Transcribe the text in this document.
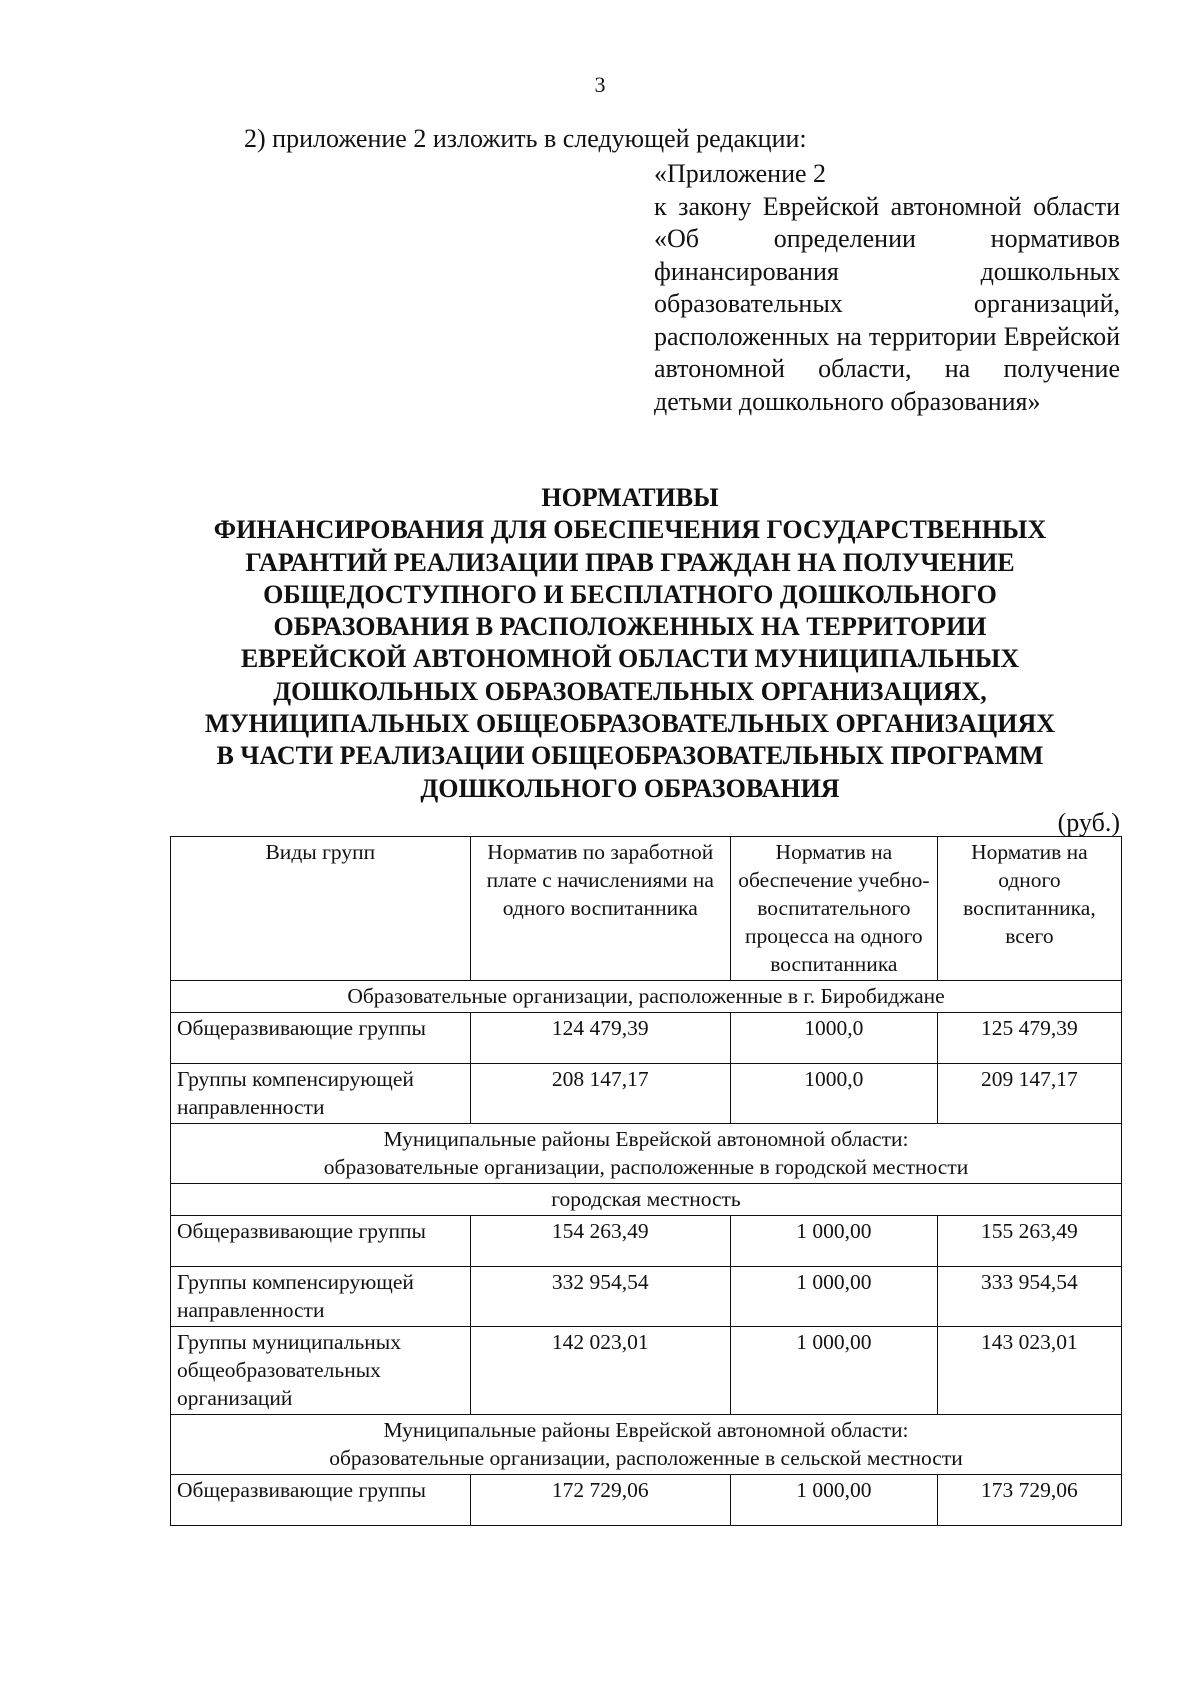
3
2) приложение 2 изложить в следующей редакции:
«Приложение 2
к закону Еврейской автономной области «Об определении нормативов финансирования дошкольных образовательных организаций, расположенных на территории Еврейской автономной области, на получение детьми дошкольного образования»
НОРМАТИВЫ
ФИНАНСИРОВАНИЯ ДЛЯ ОБЕСПЕЧЕНИЯ ГОСУДАРСТВЕННЫХ
ГАРАНТИЙ РЕАЛИЗАЦИИ ПРАВ ГРАЖДАН НА ПОЛУЧЕНИЕ
ОБЩЕДОСТУПНОГО И БЕСПЛАТНОГО ДОШКОЛЬНОГО
ОБРАЗОВАНИЯ В РАСПОЛОЖЕННЫХ НА ТЕРРИТОРИИ
ЕВРЕЙСКОЙ АВТОНОМНОЙ ОБЛАСТИ МУНИЦИПАЛЬНЫХ
ДОШКОЛЬНЫХ ОБРАЗОВАТЕЛЬНЫХ ОРГАНИЗАЦИЯХ,
МУНИЦИПАЛЬНЫХ ОБЩЕОБРАЗОВАТЕЛЬНЫХ ОРГАНИЗАЦИЯХ
В ЧАСТИ РЕАЛИЗАЦИИ ОБЩЕОБРАЗОВАТЕЛЬНЫХ ПРОГРАММ
ДОШКОЛЬНОГО ОБРАЗОВАНИЯ
(руб.)
Виды групп	Норматив по заработной плате с начислениями на одного воспитанника	Норматив на обеспечение учебно-воспитательного процесса на одного воспитанника	Норматив на одного воспитанника, всего
Образовательные организации, расположенные в г. Биробиджане			
Общеразвивающие группы	124 479,39	1000,0	125 479,39
Группы компенсирующей направленности	208 147,17	1000,0	209 147,17

Муниципальные районы Еврейской автономной области:
образовательные организации, расположенные в городской местности			

городская местность			
Общеразвивающие группы	154 263,49	1 000,00	155 263,49
Группы компенсирующей направленности	332 954,54	1 000,00	333 954,54
Группы муниципальных общеобразовательных организаций	142 023,01	1 000,00	143 023,01

Муниципальные районы Еврейской автономной области:
образовательные организации, расположенные в сельской местности			

Общеразвивающие группы	172 729,06	1 000,00	173 729,06
